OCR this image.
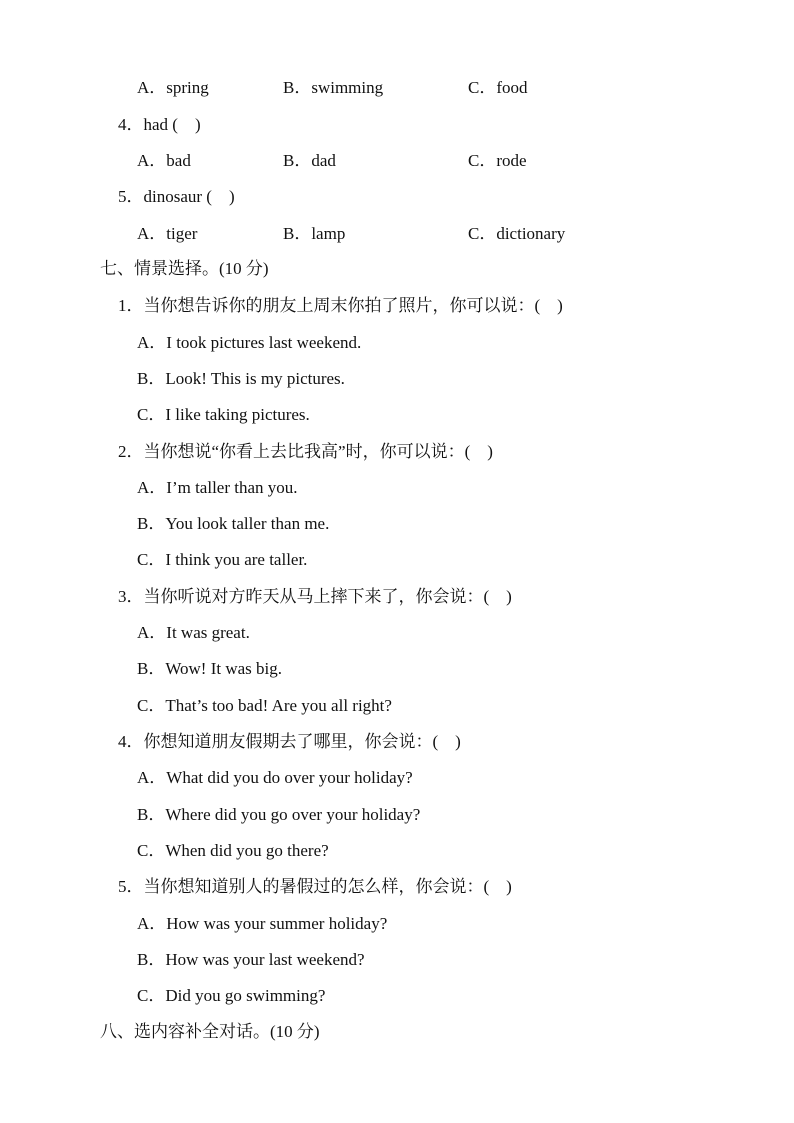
A．spring	B．swimming	C．food
4．had (　)
A．bad	B．dad	C．rode
5．dinosaur (　)
A．tiger	B．lamp	C．dictionary
七、情景选择。(10 分)
1．当你想告诉你的朋友上周末你拍了照片，你可以说：(　)
A．I took pictures last weekend.
B．Look! This is my pictures.
C．I like taking pictures.
2．当你想说“你看上去比我高”时，你可以说：(　)
A．I’m taller than you.
B．You look taller than me.
C．I think you are taller.
3．当你听说对方昨天从马上摔下来了，你会说：(　)
A．It was great.
B．Wow! It was big.
C．That’s too bad! Are you all right?
4．你想知道朋友假期去了哪里，你会说：(　)
A．What did you do over your holiday?
B．Where did you go over your holiday?
C．When did you go there?
5．当你想知道别人的暑假过的怎么样，你会说：(　)
A．How was your summer holiday?
B．How was your last weekend?
C．Did you go swimming?
八、选内容补全对话。(10 分)
